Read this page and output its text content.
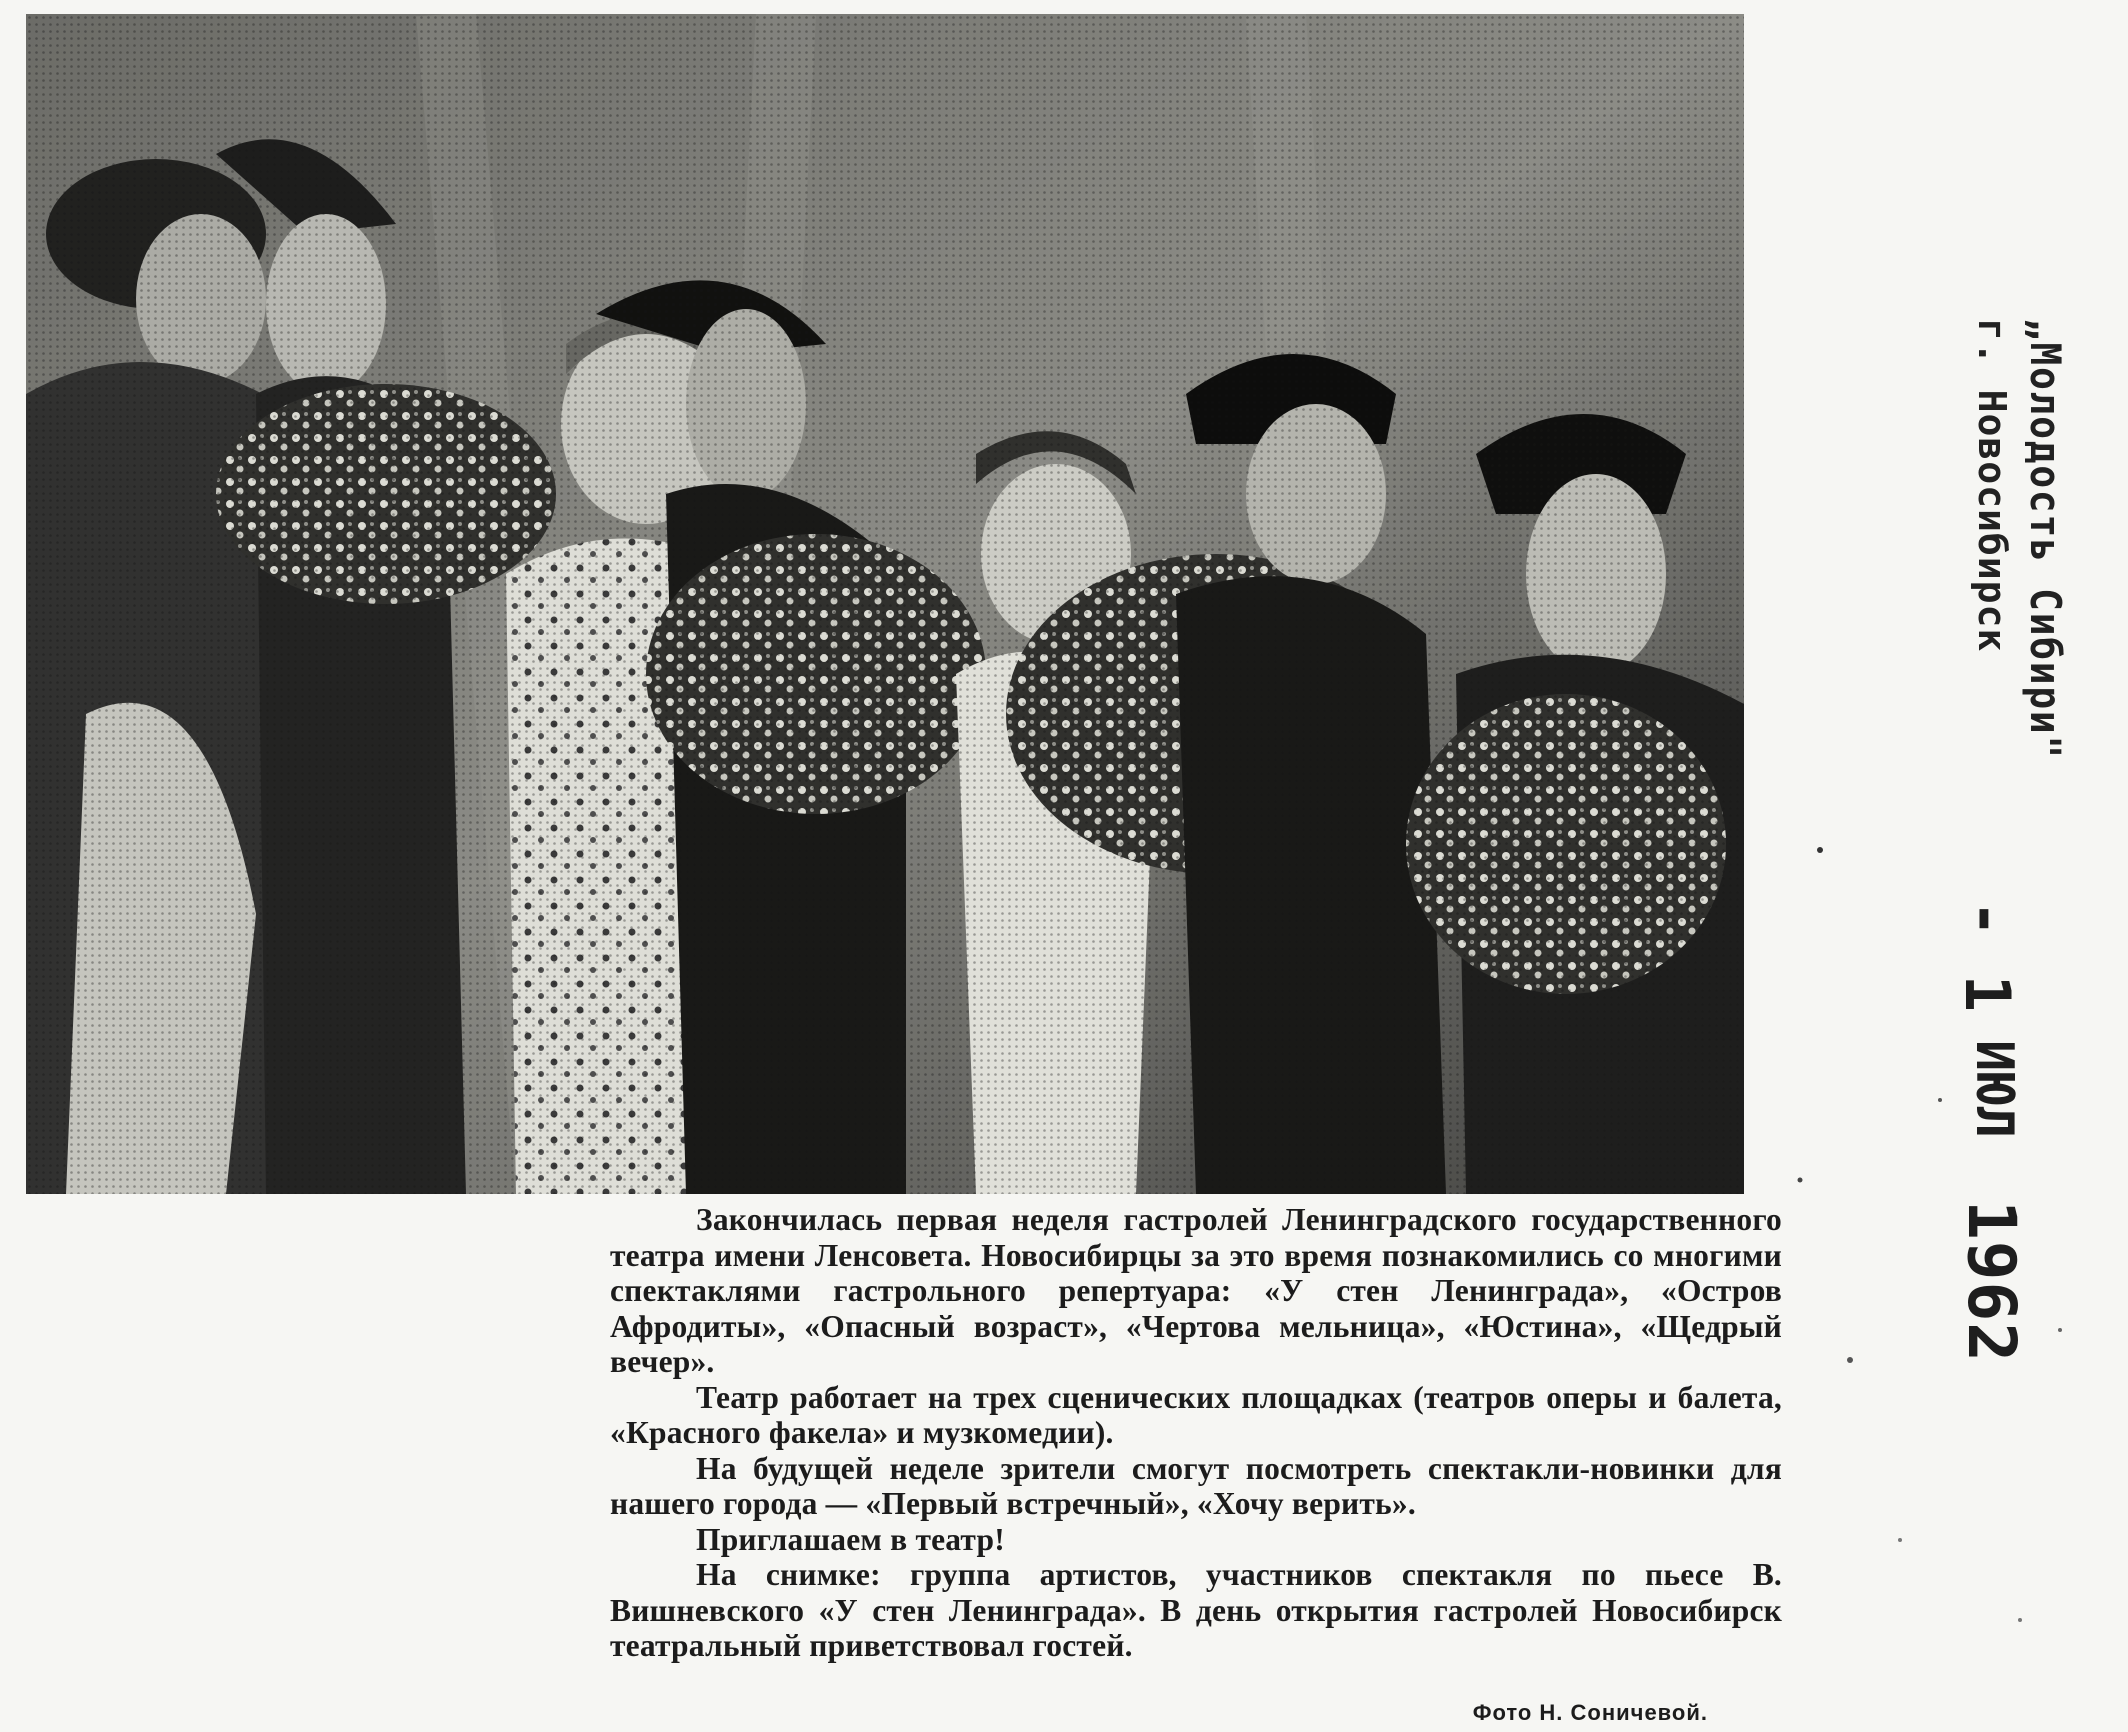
„Молодость Сибири"
г. Новосибирск
- 1
ИЮЛ
1962

Закончилась первая неделя гастролей Ленинградского государственного театра имени Ленсовета. Новосибирцы за это время познакомились со многими спектаклями гастрольного репертуара: «У стен Ленинграда», «Остров Афродиты», «Опасный возраст», «Чертова мельница», «Юстина», «Щедрый вечер».

Театр работает на трех сценических площадках (театров оперы и балета, «Красного факела» и музкомедии).

На будущей неделе зрители смогут посмотреть спектакли-новинки для нашего города — «Первый встречный», «Хочу верить».

Приглашаем в театр!

На снимке: группа артистов, участников спектакля по пьесе В. Вишневского «У стен Ленинграда». В день открытия гастролей Новосибирск театральный приветствовал гостей.

Фото Н. Соничевой.
